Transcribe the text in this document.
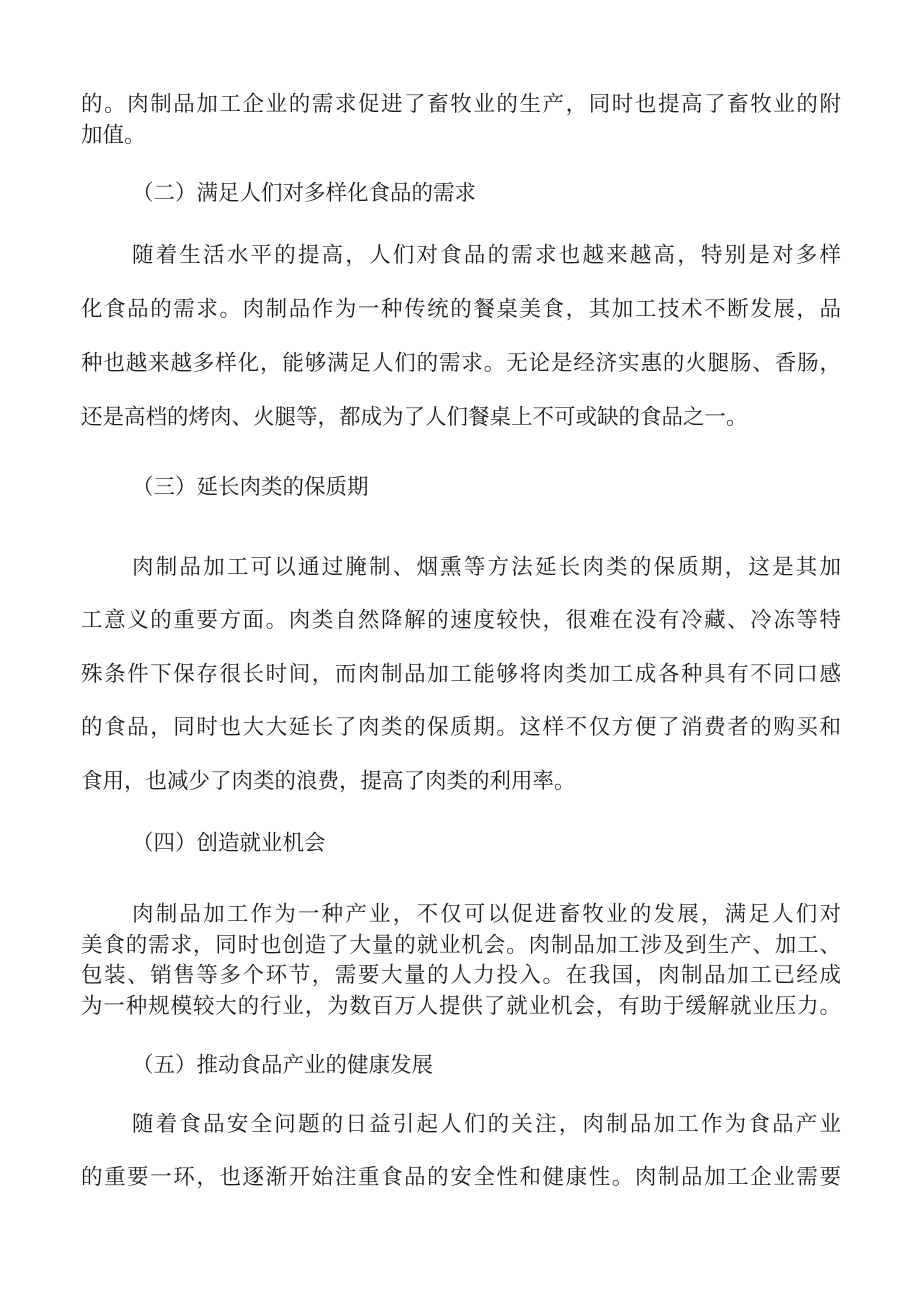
的。肉制品加工企业的需求促进了畜牧业的生产，同时也提高了畜牧业的附
加值。
（二）满足人们对多样化食品的需求
随着生活水平的提高，人们对食品的需求也越来越高，特别是对多样
化食品的需求。肉制品作为一种传统的餐桌美食，其加工技术不断发展，品
种也越来越多样化，能够满足人们的需求。无论是经济实惠的火腿肠、香肠，
还是高档的烤肉、火腿等，都成为了人们餐桌上不可或缺的食品之一。
（三）延长肉类的保质期
肉制品加工可以通过腌制、烟熏等方法延长肉类的保质期，这是其加
工意义的重要方面。肉类自然降解的速度较快，很难在没有冷藏、冷冻等特
殊条件下保存很长时间，而肉制品加工能够将肉类加工成各种具有不同口感
的食品，同时也大大延长了肉类的保质期。这样不仅方便了消费者的购买和
食用，也减少了肉类的浪费，提高了肉类的利用率。
（四）创造就业机会
肉制品加工作为一种产业，不仅可以促进畜牧业的发展，满足人们对
美食的需求，同时也创造了大量的就业机会。肉制品加工涉及到生产、加工、
包装、销售等多个环节，需要大量的人力投入。在我国，肉制品加工已经成
为一种规模较大的行业，为数百万人提供了就业机会，有助于缓解就业压力。
（五）推动食品产业的健康发展
随着食品安全问题的日益引起人们的关注，肉制品加工作为食品产业
的重要一环，也逐渐开始注重食品的安全性和健康性。肉制品加工企业需要
